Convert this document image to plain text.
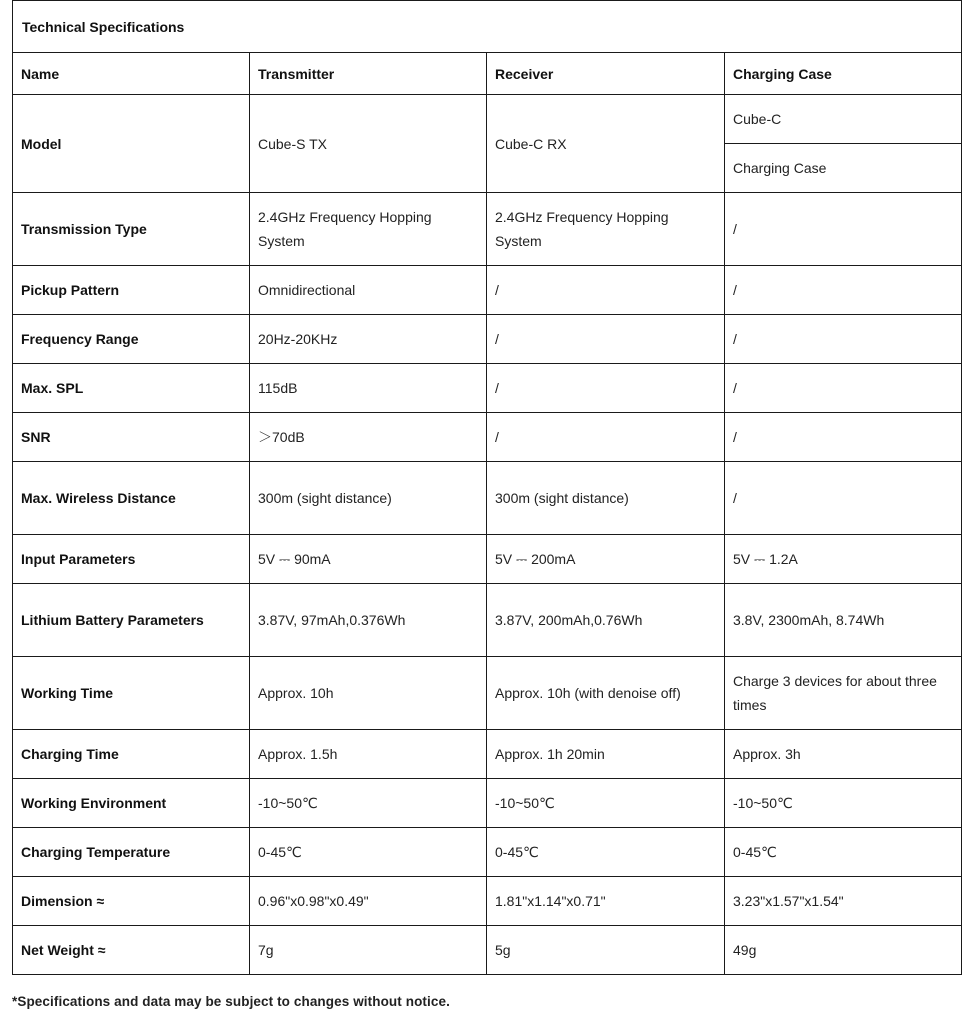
Technical Specifications			
Name	Transmitter	Receiver	Charging Case
Model	Cube-S TX	Cube-C RX	Cube-C
			Charging Case
Transmission Type	2.4GHz Frequency Hopping System	2.4GHz Frequency Hopping System	/
Pickup Pattern	Omnidirectional	/	/
Frequency Range	20Hz-20KHz	/	/
Max. SPL	115dB	/	/
SNR	＞70dB	/	/
Max. Wireless Distance	300m (sight distance)	300m (sight distance)	/
Input Parameters	5V ⎓ 90mA	5V ⎓ 200mA	5V ⎓ 1.2A
Lithium Battery Parameters	3.87V, 97mAh,0.376Wh	3.87V, 200mAh,0.76Wh	3.8V, 2300mAh, 8.74Wh
Working Time	Approx. 10h	Approx. 10h (with denoise off)	Charge 3 devices for about three times
Charging Time	Approx. 1.5h	Approx. 1h 20min	Approx. 3h
Working Environment	-10~50℃	-10~50℃	-10~50℃
Charging Temperature	0-45℃	0-45℃	0-45℃
Dimension ≈	0.96"x0.98"x0.49"	1.81"x1.14"x0.71"	3.23"x1.57"x1.54"
Net Weight ≈	7g	5g	49g
*Specifications and data may be subject to changes without notice.
